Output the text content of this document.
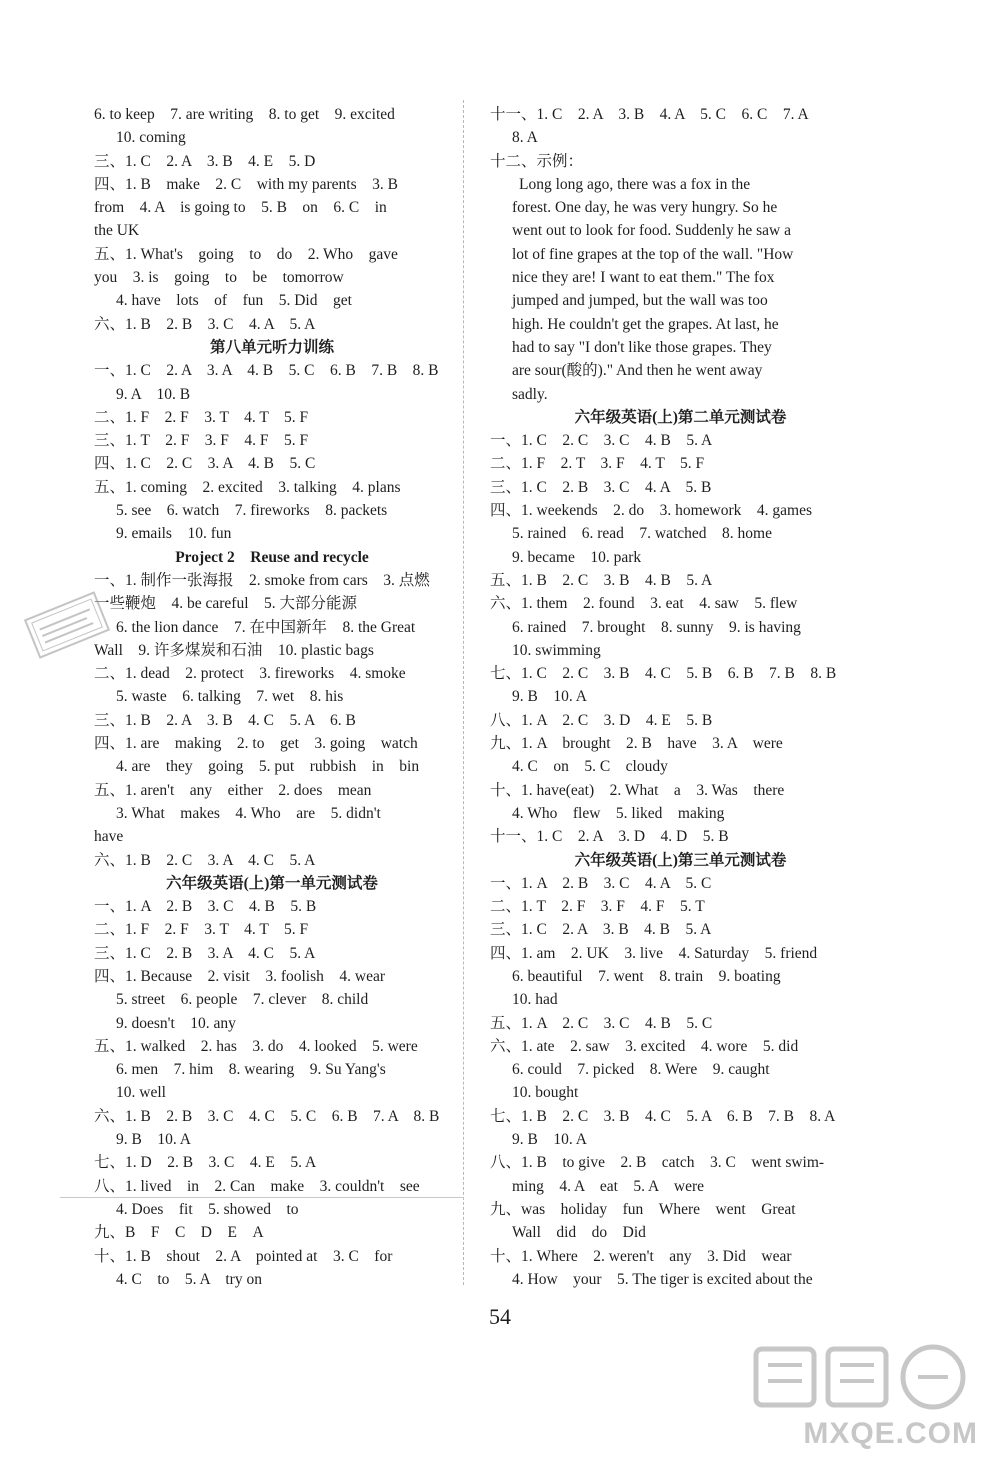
6. to keep　7. are writing　8. to get　9. excited
10. coming
三、1. C　2. A　3. B　4. E　5. D
四、1. B　make　2. C　with my parents　3. B
from　4. A　is going to　5. B　on　6. C　in
the UK
五、1. What's　going　to　do　2. Who　gave
you　3. is　going　to　be　tomorrow
4. have　lots　of　fun　5. Did　get
六、1. B　2. B　3. C　4. A　5. A
第八单元听力训练
一、1. C　2. A　3. A　4. B　5. C　6. B　7. B　8. B
9. A　10. B
二、1. F　2. F　3. T　4. T　5. F
三、1. T　2. F　3. F　4. F　5. F
四、1. C　2. C　3. A　4. B　5. C
五、1. coming　2. excited　3. talking　4. plans
5. see　6. watch　7. fireworks　8. packets
9. emails　10. fun
Project 2　Reuse and recycle
一、1. 制作一张海报　2. smoke from cars　3. 点燃
一些鞭炮　4. be careful　5. 大部分能源
6. the lion dance　7. 在中国新年　8. the Great
Wall　9. 许多煤炭和石油　10. plastic bags
二、1. dead　2. protect　3. fireworks　4. smoke
5. waste　6. talking　7. wet　8. his
三、1. B　2. A　3. B　4. C　5. A　6. B
四、1. are　making　2. to　get　3. going　watch
4. are　they　going　5. put　rubbish　in　bin
五、1. aren't　any　either　2. does　mean
3. What　makes　4. Who　are　5. didn't
have
六、1. B　2. C　3. A　4. C　5. A
六年级英语(上)第一单元测试卷
一、1. A　2. B　3. C　4. B　5. B
二、1. F　2. F　3. T　4. T　5. F
三、1. C　2. B　3. A　4. C　5. A
四、1. Because　2. visit　3. foolish　4. wear
5. street　6. people　7. clever　8. child
9. doesn't　10. any
五、1. walked　2. has　3. do　4. looked　5. were
6. men　7. him　8. wearing　9. Su Yang's
10. well
六、1. B　2. B　3. C　4. C　5. C　6. B　7. A　8. B
9. B　10. A
七、1. D　2. B　3. C　4. E　5. A
八、1. lived　in　2. Can　make　3. couldn't　see
4. Does　fit　5. showed　to
九、B　F　C　D　E　A
十、1. B　shout　2. A　pointed at　3. C　for
4. C　to　5. A　try on
十一、1. C　2. A　3. B　4. A　5. C　6. C　7. A
8. A
十二、示例：
　　Long long ago, there was a fox in the
forest. One day, he was very hungry. So he
went out to look for food. Suddenly he saw a
lot of fine grapes at the top of the wall. "How
nice they are! I want to eat them." The fox
jumped and jumped, but the wall was too
high. He couldn't get the grapes. At last, he
had to say "I don't like those grapes. They
are sour(酸的)." And then he went away
sadly.
六年级英语(上)第二单元测试卷
一、1. C　2. C　3. C　4. B　5. A
二、1. F　2. T　3. F　4. T　5. F
三、1. C　2. B　3. C　4. A　5. B
四、1. weekends　2. do　3. homework　4. games
5. rained　6. read　7. watched　8. home
9. became　10. park
五、1. B　2. C　3. B　4. B　5. A
六、1. them　2. found　3. eat　4. saw　5. flew
6. rained　7. brought　8. sunny　9. is having
10. swimming
七、1. C　2. C　3. B　4. C　5. B　6. B　7. B　8. B
9. B　10. A
八、1. A　2. C　3. D　4. E　5. B
九、1. A　brought　2. B　have　3. A　were
4. C　on　5. C　cloudy
十、1. have(eat)　2. What　a　3. Was　there
4. Who　flew　5. liked　making
十一、1. C　2. A　3. D　4. D　5. B
六年级英语(上)第三单元测试卷
一、1. A　2. B　3. C　4. A　5. C
二、1. T　2. F　3. F　4. F　5. T
三、1. C　2. A　3. B　4. B　5. A
四、1. am　2. UK　3. live　4. Saturday　5. friend
6. beautiful　7. went　8. train　9. boating
10. had
五、1. A　2. C　3. C　4. B　5. C
六、1. ate　2. saw　3. excited　4. wore　5. did
6. could　7. picked　8. Were　9. caught
10. bought
七、1. B　2. C　3. B　4. C　5. A　6. B　7. B　8. A
9. B　10. A
八、1. B　to give　2. B　catch　3. C　went swim-
ming　4. A　eat　5. A　were
九、was　holiday　fun　Where　went　Great
Wall　did　do　Did
十、1. Where　2. weren't　any　3. Did　wear
4. How　your　5. The tiger is excited about the
54
MXQE.COM
